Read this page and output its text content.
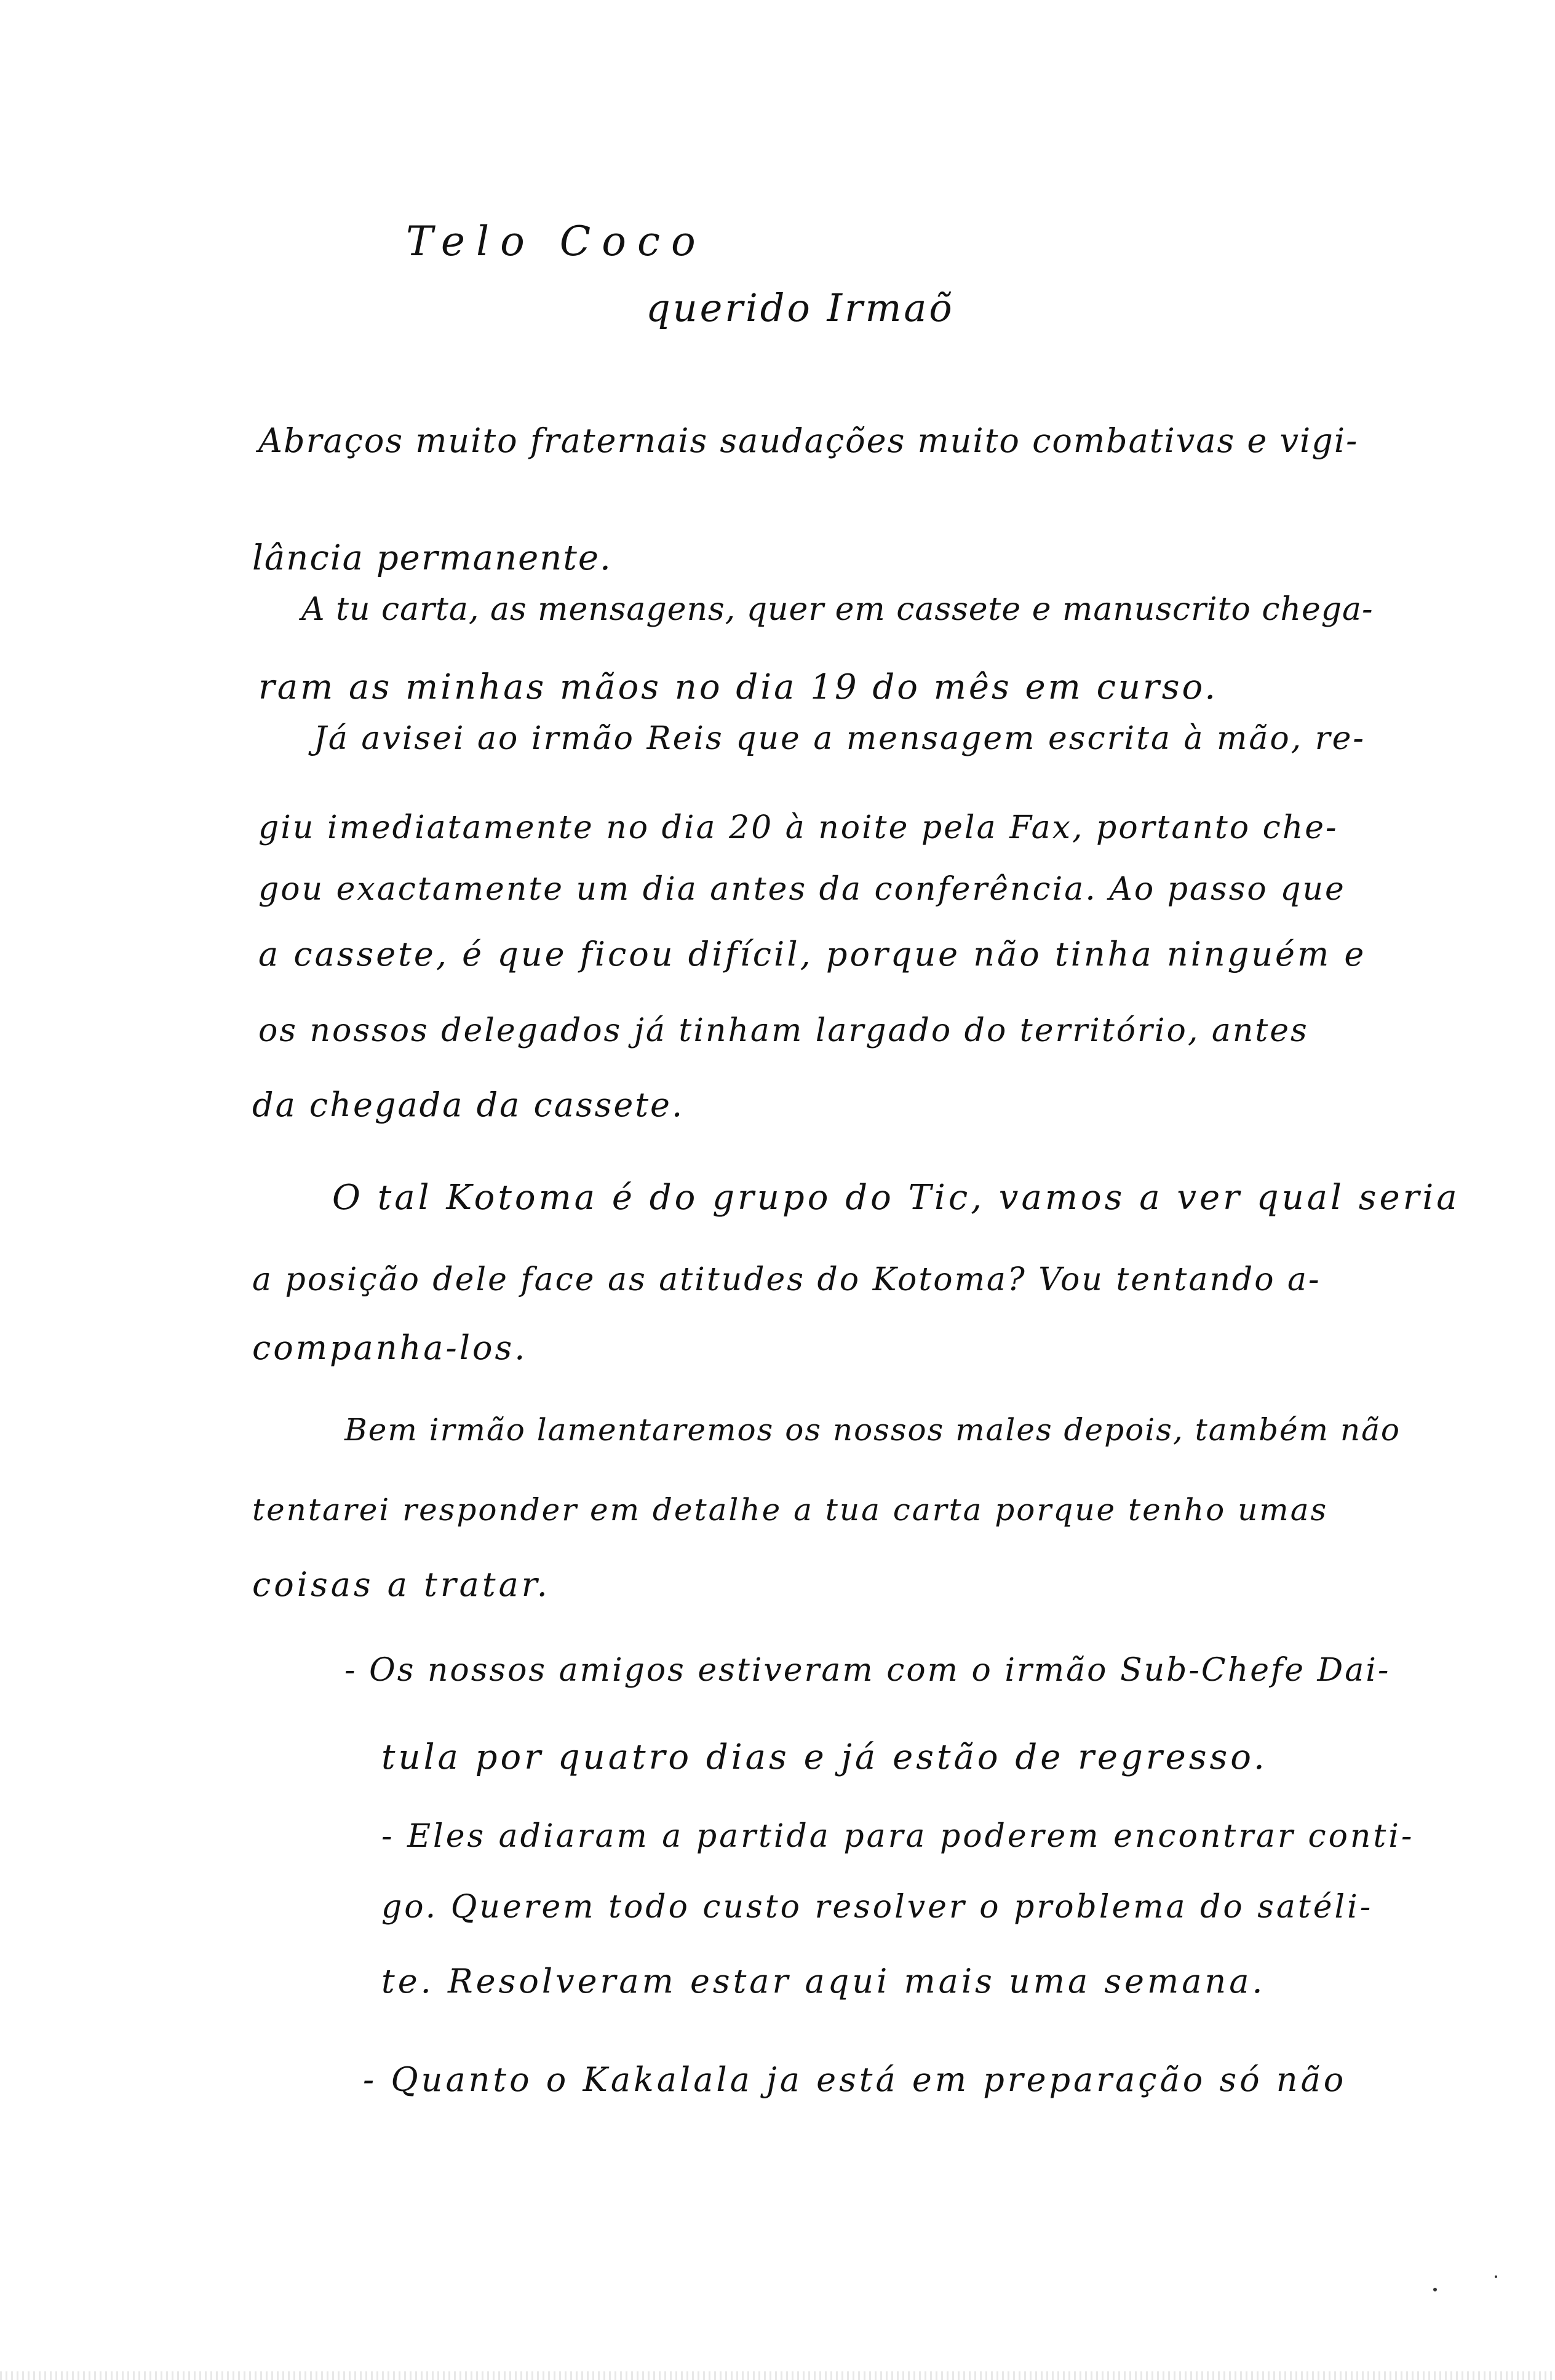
Telo Coco
querido Irmaõ
Abraços muito fraternais saudações muito combativas e vigi-
lância permanente.
A tu carta, as mensagens, quer em cassete e manuscrito chega-
ram as minhas mãos no dia 19 do mês em curso.
Já avisei ao irmão Reis que a mensagem escrita à mão, re-
giu imediatamente no dia 20 à noite pela Fax, portanto che-
gou exactamente um dia antes da conferência. Ao passo que
a cassete, é que ficou difícil, porque não tinha ninguém e
os nossos delegados já tinham largado do território, antes
da chegada da cassete.
O tal Kotoma é do grupo do Tic, vamos a ver qual seria
a posição dele face as atitudes do Kotoma? Vou tentando a-
companha-los.
Bem irmão lamentaremos os nossos males depois, também não
tentarei responder em detalhe a tua carta porque tenho umas
coisas a tratar.
- Os nossos amigos estiveram com o irmão Sub-Chefe Dai-
tula por quatro dias e já estão de regresso.
- Eles adiaram a partida para poderem encontrar conti-
go. Querem todo custo resolver o problema do satéli-
te. Resolveram estar aqui mais uma semana.
- Quanto o Kakalala ja está em preparação só não
